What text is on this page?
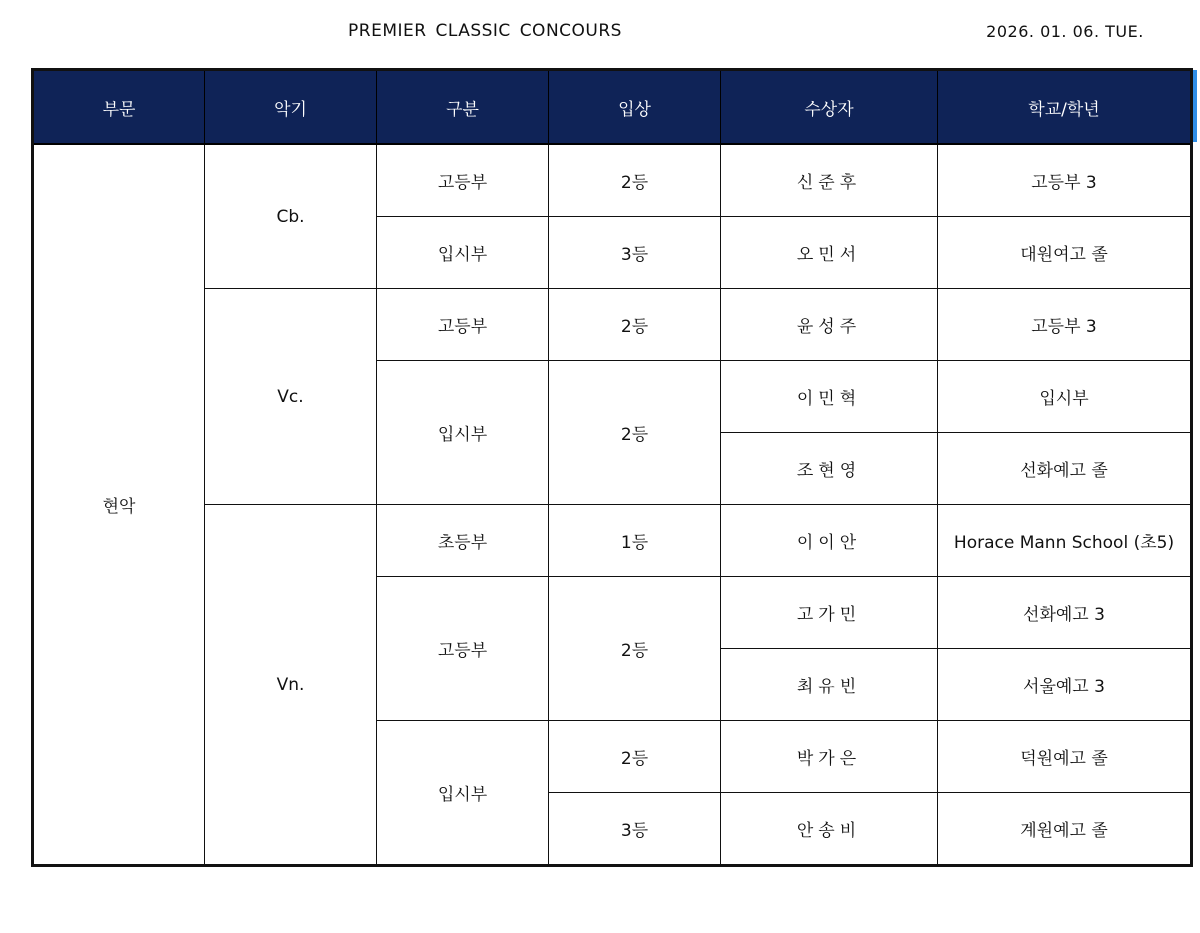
PREMIER CLASSIC CONCOURS	2026. 01. 06. TUE.
부문	악기	구분	입상	수상자	학교/학년
현악	Cb.	고등부	2등	신준후	고등부 3
		입시부	3등	오민서	대원여고 졸
	Vc.	고등부	2등	윤성주	고등부 3
		입시부	2등	이민혁	입시부
				조현영	선화예고 졸
	Vn.	초등부	1등	이이안	Horace Mann School (초5)
		고등부	2등	고가민	선화예고 3
				최유빈	서울예고 3
		입시부	2등	박가은	덕원예고 졸
			3등	안송비	계원예고 졸
